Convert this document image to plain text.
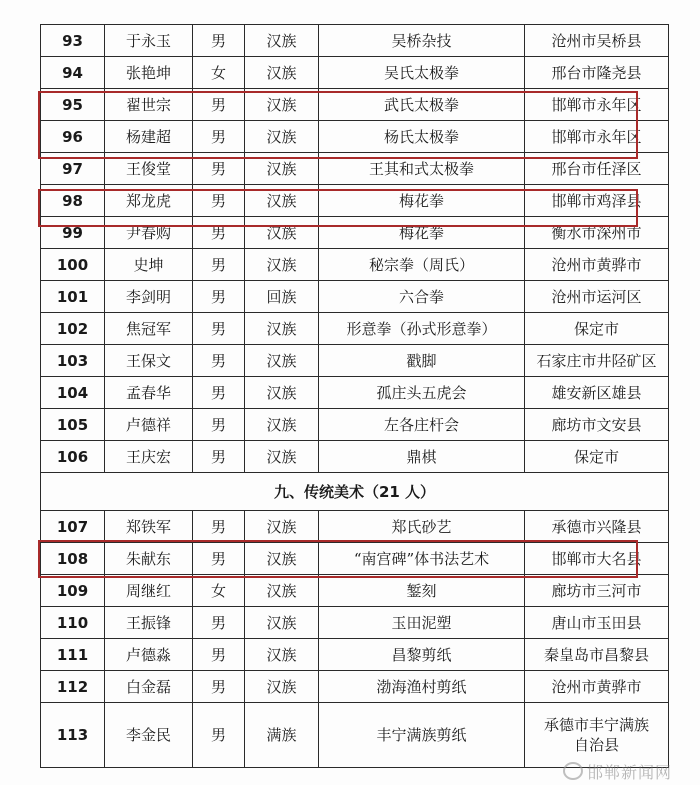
93	于永玉	男	汉族	吴桥杂技	沧州市吴桥县
94	张艳坤	女	汉族	吴氏太极拳	邢台市隆尧县
95	翟世宗	男	汉族	武氏太极拳	邯郸市永年区
96	杨建超	男	汉族	杨氏太极拳	邯郸市永年区
97	王俊堂	男	汉族	王其和式太极拳	邢台市任泽区
98	郑龙虎	男	汉族	梅花拳	邯郸市鸡泽县
99	尹春购	男	汉族	梅花拳	衡水市深州市
100	史坤	男	汉族	秘宗拳（周氏）	沧州市黄骅市
101	李剑明	男	回族	六合拳	沧州市运河区
102	焦冠军	男	汉族	形意拳（孙式形意拳）	保定市
103	王保文	男	汉族	戳脚	石家庄市井陉矿区
104	孟春华	男	汉族	孤庄头五虎会	雄安新区雄县
105	卢德祥	男	汉族	左各庄杆会	廊坊市文安县
106	王庆宏	男	汉族	鼎棋	保定市
九、传统美术（21 人）					
107	郑铁军	男	汉族	郑氏砂艺	承德市兴隆县
108	朱献东	男	汉族	“南宫碑”体书法艺术	邯郸市大名县
109	周继红	女	汉族	錾刻	廊坊市三河市
110	王振锋	男	汉族	玉田泥塑	唐山市玉田县
111	卢德淼	男	汉族	昌黎剪纸	秦皇岛市昌黎县
112	白金磊	男	汉族	渤海渔村剪纸	沧州市黄骅市
113	李金民	男	满族	丰宁满族剪纸	承德市丰宁满族
自治县
邯郸新闻网
